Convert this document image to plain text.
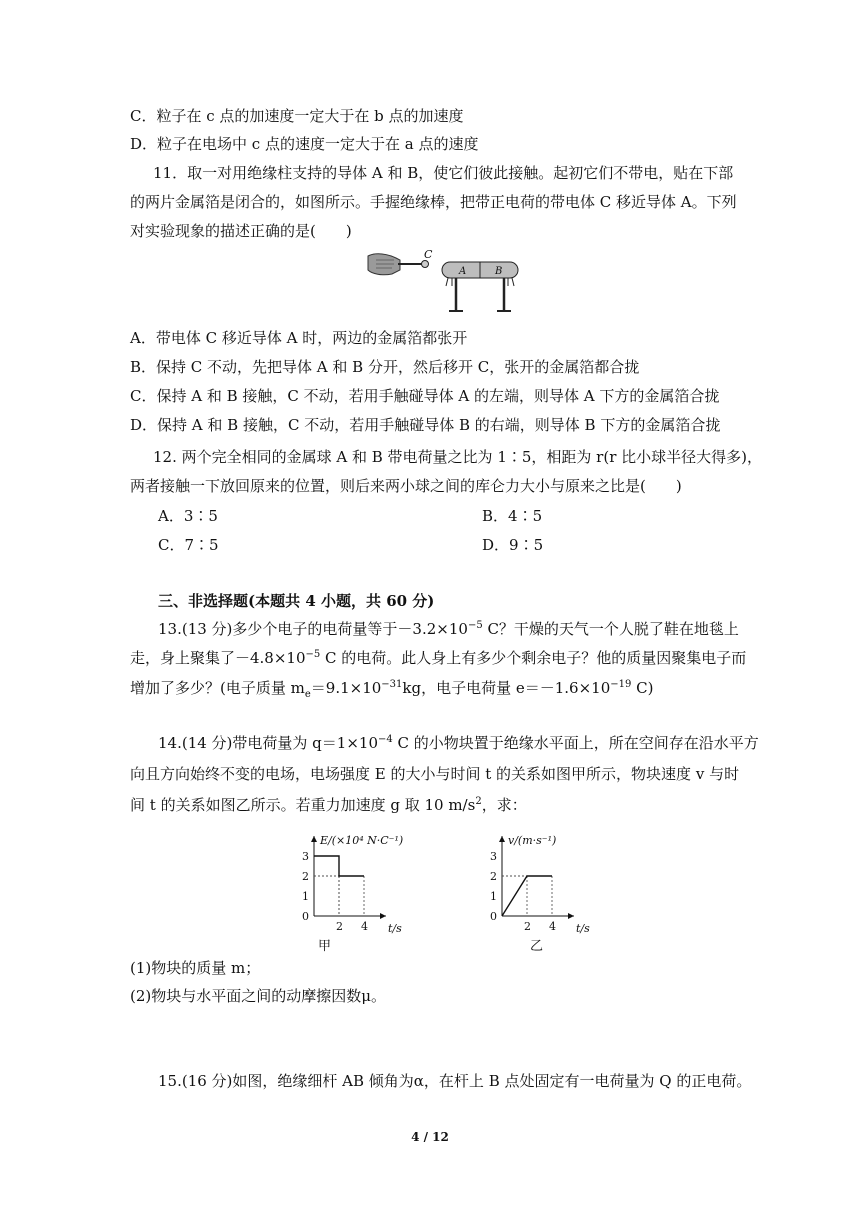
C．粒子在 c 点的加速度一定大于在 b 点的加速度
D．粒子在电场中 c 点的速度一定大于在 a 点的速度
11．取一对用绝缘柱支持的导体 A 和 B，使它们彼此接触。起初它们不带电，贴在下部
的两片金属箔是闭合的，如图所示。手握绝缘棒，把带正电荷的带电体 C 移近导体 A。下列
对实验现象的描述正确的是(　　)
C
A	B
A．带电体 C 移近导体 A 时，两边的金属箔都张开
B．保持 C 不动，先把导体 A 和 B 分开，然后移开 C，张开的金属箔都合拢
C．保持 A 和 B 接触，C 不动，若用手触碰导体 A 的左端，则导体 A 下方的金属箔合拢
D．保持 A 和 B 接触，C 不动，若用手触碰导体 B 的右端，则导体 B 下方的金属箔合拢
12. 两个完全相同的金属球 A 和 B 带电荷量之比为 1∶5，相距为 r(r 比小球半径大得多)，
两者接触一下放回原来的位置，则后来两小球之间的库仑力大小与原来之比是(　　)
A．3∶5	B．4∶5
C．7∶5	D．9∶5
三、非选择题(本题共 4 小题，共 60 分)
13.(13 分)多少个电子的电荷量等于$-3.2\times 10^{-5}$ C？干燥的天气一个人脱了鞋在地毯上
走，身上聚集了$-4.8\times 10^{-5}$ C 的电荷。此人身上有多少个剩余电子？他的质量因聚集电子而
增加了多少？(电子质量 $m_e=9.1\times 10^{-31}kg$，电子电荷量 $e=-1.6\times 10^{-19}$ C)
14.(14 分)带电荷量为 $q=1\times 10^{-4}$ C 的小物块置于绝缘水平面上，所在空间存在沿水平方
向且方向始终不变的电场，电场强度 E 的大小与时间 t 的关系如图甲所示，物块速度 v 与时
间 t 的关系如图乙所示。若重力加速度 g 取 10 $m/s^2$，求：
E/(×10⁴ N·C⁻¹)
t/s
0
1
2
3
2 4
甲
v/(m·s⁻¹)
t/s
0
1
2
3
2 4
乙
(1)物块的质量 m；
(2)物块与水平面之间的动摩擦因数μ。
15.(16 分)如图，绝缘细杆 AB 倾角为α，在杆上 B 点处固定有一电荷量为 Q 的正电荷。
4 / 12
